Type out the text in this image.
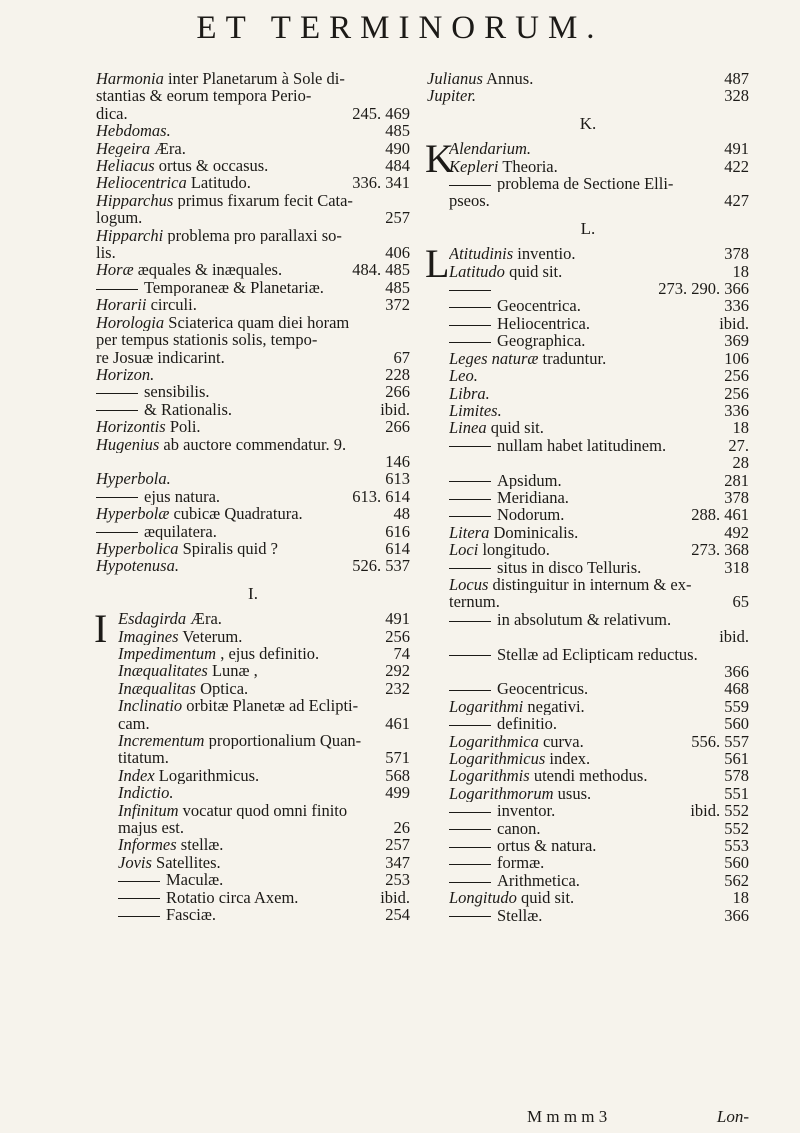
ET TERMINORUM.
Harmonia inter Planetarum à Sole di-
stantias & eorum tempora Perio-
dica.	245. 469
Hebdomas.	485
Hegeira Æra.	490
Heliacus ortus & occasus.	484
Heliocentrica Latitudo.	336. 341
Hipparchus primus fixarum fecit Cata-
logum.	257
Hipparchi problema pro parallaxi so-
lis.	406
Horæ æquales & inæquales.	484. 485
Temporaneæ & Planetariæ.	485
Horarii circuli.	372
Horologia Sciaterica quam diei horam
per tempus stationis solis, tempo-
re Josuæ indicarint.	67
Horizon.	228
sensibilis.	266
& Rationalis.	ibid.
Horizontis Poli.	266
Hugenius ab auctore commendatur. 9.
146
Hyperbola.	613
ejus natura.	613. 614
Hyperbolæ cubicæ Quadratura.	48
æquilatera.	616
Hyperbolica Spiralis quid ?	614
Hypotenusa.	526. 537
I.
I Esdagirda Æra.	491
Imagines Veterum.	256
Impedimentum , ejus definitio.	74
Inæqualitates Lunæ ,	292
Inæqualitas Optica.	232
Inclinatio orbitæ Planetæ ad Eclipti-
cam.	461
Incrementum proportionalium Quan-
titatum.	571
Index Logarithmicus.	568
Indictio.	499
Infinitum vocatur quod omni finito
majus est.	26
Informes stellæ.	257
Jovis Satellites.	347
Maculæ.	253
Rotatio circa Axem.	ibid.
Fasciæ.	254
Julianus Annus.	487
Jupiter.	328
K.
K
Alendarium.	491
Kepleri Theoria.	422
problema de Sectione Elli-
pseos.	427
L.
L Atitudinis inventio.	378
Latitudo quid sit.	18
273. 290. 366
Geocentrica.	336
Heliocentrica.	ibid.
Geographica.	369
Leges naturæ traduntur.	106
Leo.	256
Libra.	256
Limites.	336
Linea quid sit.	18
nullam habet latitudinem.	27.
28
Apsidum.	281
Meridiana.	378
Nodorum.	288. 461
Litera Dominicalis.	492
Loci longitudo.	273. 368
situs in disco Telluris.	318
Locus distinguitur in internum & ex-
ternum.	65
in absolutum & relativum.
ibid.
Stellæ ad Eclipticam reductus.
366
Geocentricus.	468
Logarithmi negativi.	559
definitio.	560
Logarithmica curva.	556. 557
Logarithmicus index.	561
Logarithmis utendi methodus.	578
Logarithmorum usus.	551
inventor.	ibid. 552
canon.	552
ortus & natura.	553
formæ.	560
Arithmetica.	562
Longitudo quid sit.	18
Stellæ.	366
M m m m 3	Lon-
